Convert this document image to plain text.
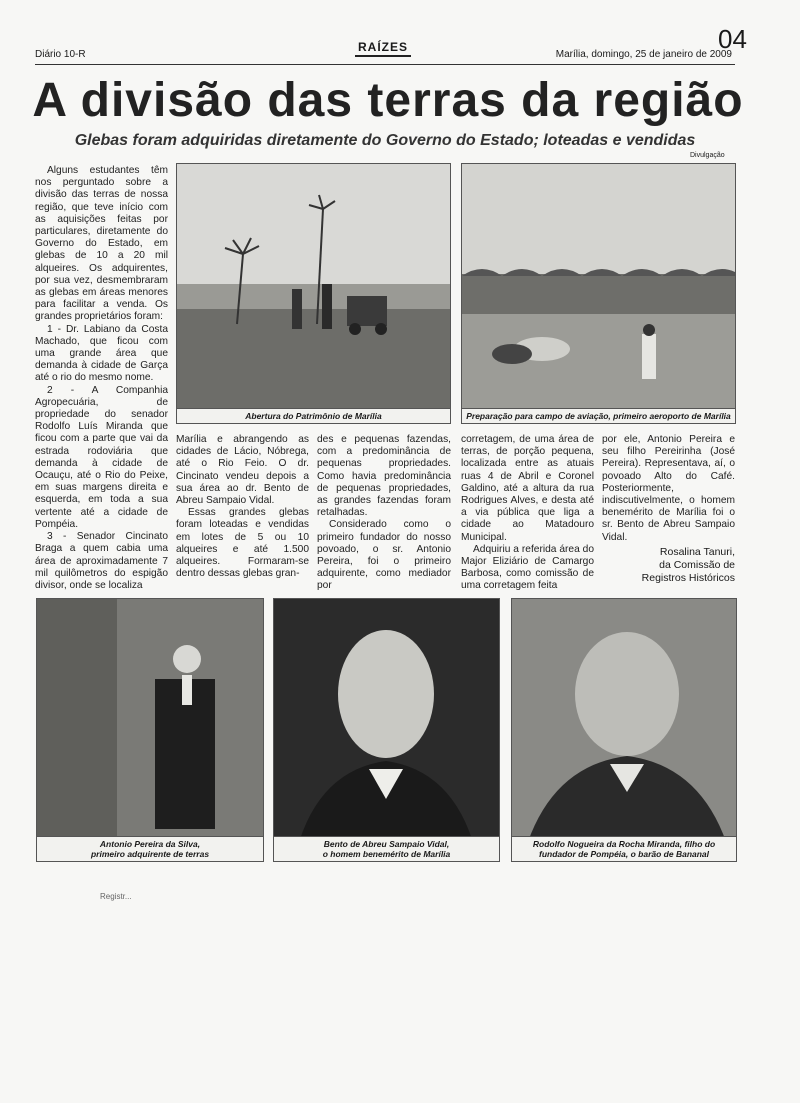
Diário 10-R
RAÍZES
Marília, domingo, 25 de janeiro de 2009
04
A divisão das terras da região
Glebas foram adquiridas diretamente do Governo do Estado; loteadas e vendidas
Divulgação
Abertura do Patrimônio de Marília	Preparação para campo de aviação, primeiro aeroporto de Marília

Alguns estudantes têm nos perguntado sobre a divisão das terras de nossa região, que teve início com as aquisições feitas por particulares, diretamente do Governo do Estado, em glebas de 10 a 20 mil alqueires. Os adquirentes, por sua vez, desmembraram as glebas em áreas menores para facilitar a venda. Os grandes proprietários foram:

1 - Dr. Labiano da Costa Machado, que ficou com uma grande área que demanda à cidade de Garça até o rio do mesmo nome.

2 - A Companhia Agropecuária, de propriedade do senador Rodolfo Luís Miranda que ficou com a parte que vai da estrada rodoviária que demanda à cidade de Ocauçu, até o Rio do Peixe, em suas margens direita e esquerda, em toda a sua vertente até a cidade de Pompéia.

3 - Senador Cincinato Braga a quem cabia uma área de aproximadamente 7 mil quilômetros do espigão divisor, onde se localiza

Marília e abrangendo as cidades de Lácio, Nóbrega, até o Rio Feio. O dr. Cincinato vendeu depois a sua área ao dr. Bento de Abreu Sampaio Vidal.

Essas grandes glebas foram loteadas e vendidas em lotes de 5 ou 10 alqueires e até 1.500 alqueires. Formaram-se dentro dessas glebas gran-

des e pequenas fazendas, com a predominância de pequenas propriedades. Como havia predominância de pequenas propriedades, as grandes fazendas foram retalhadas.

Considerado como o primeiro fundador do nosso povoado, o sr. Antonio Pereira, foi o primeiro adquirente, como mediador por

corretagem, de uma área de terras, de porção pequena, localizada entre as atuais ruas 4 de Abril e Coronel Galdino, até a altura da rua Rodrigues Alves, e desta até a via pública que liga a cidade ao Matadouro Municipal.

Adquiriu a referida área do Major Eliziário de Camargo Barbosa, como comissão de uma corretagem feita

por ele, Antonio Pereira e seu filho Pereirinha (José Pereira). Representava, aí, o povoado Alto do Café. Posteriormente, indiscutivelmente, o homem benemérito de Marília foi o sr. Bento de Abreu Sampaio Vidal.

Rosalina Tanuri,
da Comissão de
Registros Históricos
Antonio Pereira da Silva,
primeiro adquirente de terras
Bento de Abreu Sampaio Vidal,
o homem benemérito de Marília
Rodolfo Nogueira da Rocha Miranda, filho do
fundador de Pompéia, o barão de Bananal
Registr...
